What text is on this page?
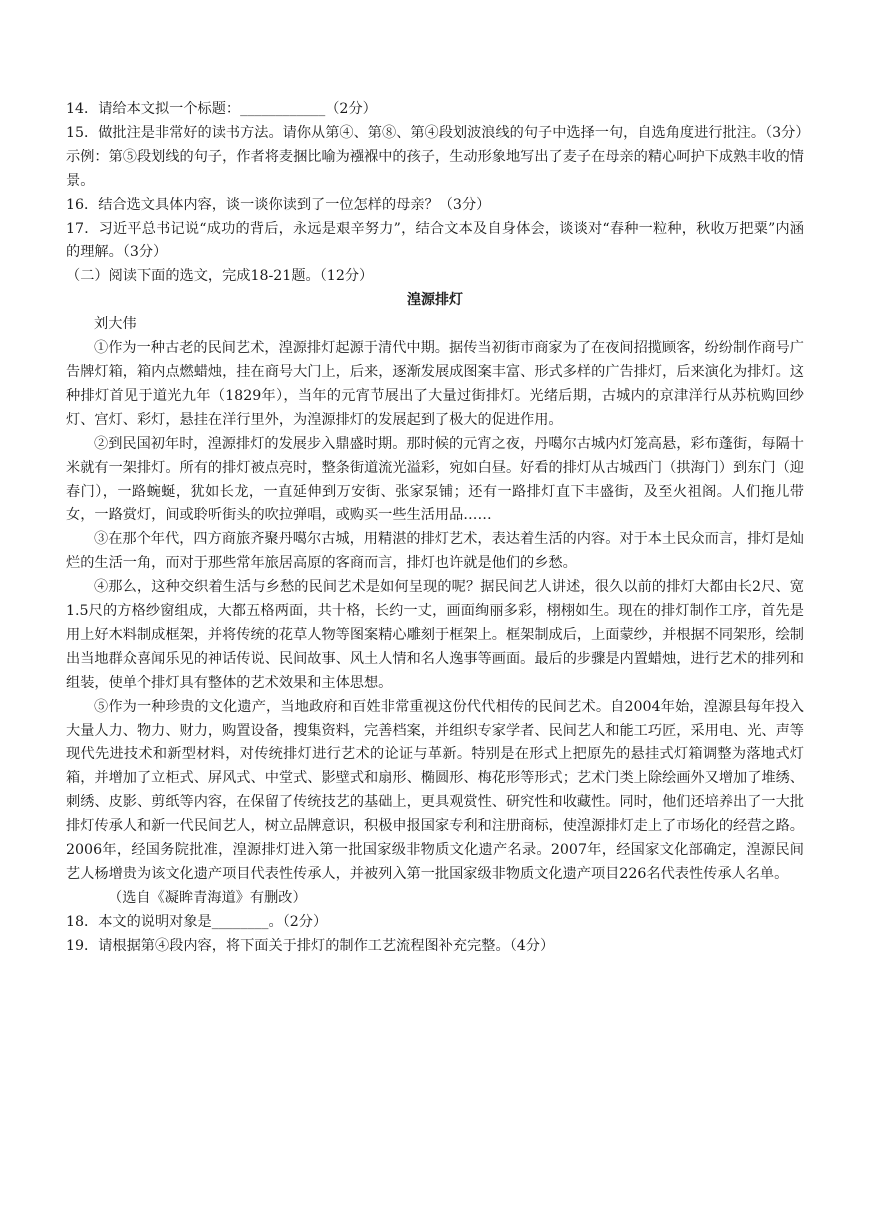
14．请给本文拟一个标题：____________（2分）

15．做批注是非常好的读书方法。请你从第④、第⑧、第④段划波浪线的句子中选择一句，自选角度进行批注。（3分）

示例：第⑤段划线的句子，作者将麦捆比喻为襁褓中的孩子，生动形象地写出了麦子在母亲的精心呵护下成熟丰收的情景。

16．结合选文具体内容，谈一谈你读到了一位怎样的母亲？（3分）

17．习近平总书记说“成功的背后，永远是艰辛努力”，结合文本及自身体会，谈谈对“春种一粒种，秋收万把粟”内涵的理解。（3分）

（二）阅读下面的选文，完成18-21题。（12分）

湟源排灯

刘大伟

①作为一种古老的民间艺术，湟源排灯起源于清代中期。据传当初街市商家为了在夜间招揽顾客，纷纷制作商号广告牌灯箱，箱内点燃蜡烛，挂在商号大门上，后来，逐渐发展成图案丰富、形式多样的广告排灯，后来演化为排灯。这种排灯首见于道光九年（1829年），当年的元宵节展出了大量过街排灯。光绪后期，古城内的京津洋行从苏杭购回纱灯、宫灯、彩灯，悬挂在洋行里外，为湟源排灯的发展起到了极大的促进作用。

②到民国初年时，湟源排灯的发展步入鼎盛时期。那时候的元宵之夜，丹噶尔古城内灯笼高悬，彩布蓬街，每隔十米就有一架排灯。所有的排灯被点亮时，整条街道流光溢彩，宛如白昼。好看的排灯从古城西门（拱海门）到东门（迎春门），一路蜿蜒，犹如长龙，一直延伸到万安街、张家泵铺；还有一路排灯直下丰盛街，及至火祖阁。人们拖儿带女，一路赏灯，间或聆听街头的吹拉弹唱，或购买一些生活用品……

③在那个年代，四方商旅齐聚丹噶尔古城，用精湛的排灯艺术，表达着生活的内容。对于本土民众而言，排灯是灿烂的生活一角，而对于那些常年旅居高原的客商而言，排灯也许就是他们的乡愁。

④那么，这种交织着生活与乡愁的民间艺术是如何呈现的呢？据民间艺人讲述，很久以前的排灯大都由长2尺、宽1.5尺的方格纱窗组成，大都五格两面，共十格，长约一丈，画面绚丽多彩，栩栩如生。现在的排灯制作工序，首先是用上好木料制成框架，并将传统的花草人物等图案精心雕刻于框架上。框架制成后，上面蒙纱，并根据不同架形，绘制出当地群众喜闻乐见的神话传说、民间故事、风土人情和名人逸事等画面。最后的步骤是内置蜡烛，进行艺术的排列和组装，使单个排灯具有整体的艺术效果和主体思想。

⑤作为一种珍贵的文化遗产，当地政府和百姓非常重视这份代代相传的民间艺术。自2004年始，湟源县每年投入大量人力、物力、财力，购置设备，搜集资料，完善档案，并组织专家学者、民间艺人和能工巧匠，采用电、光、声等现代先进技术和新型材料，对传统排灯进行艺术的论证与革新。特别是在形式上把原先的悬挂式灯箱调整为落地式灯箱，并增加了立柜式、屏风式、中堂式、影壁式和扇形、椭圆形、梅花形等形式；艺术门类上除绘画外又增加了堆绣、刺绣、皮影、剪纸等内容，在保留了传统技艺的基础上，更具观赏性、研究性和收藏性。同时，他们还培养出了一大批排灯传承人和新一代民间艺人，树立品牌意识，积极申报国家专利和注册商标，使湟源排灯走上了市场化的经营之路。2006年，经国务院批准，湟源排灯进入第一批国家级非物质文化遗产名录。2007年，经国家文化部确定，湟源民间艺人杨增贵为该文化遗产项目代表性传承人，并被列入第一批国家级非物质文化遗产项目226名代表性传承人名单。

（选自《凝眸青海道》有删改）

18．本文的说明对象是________。（2分）

19．请根据第④段内容，将下面关于排灯的制作工艺流程图补充完整。（4分）
